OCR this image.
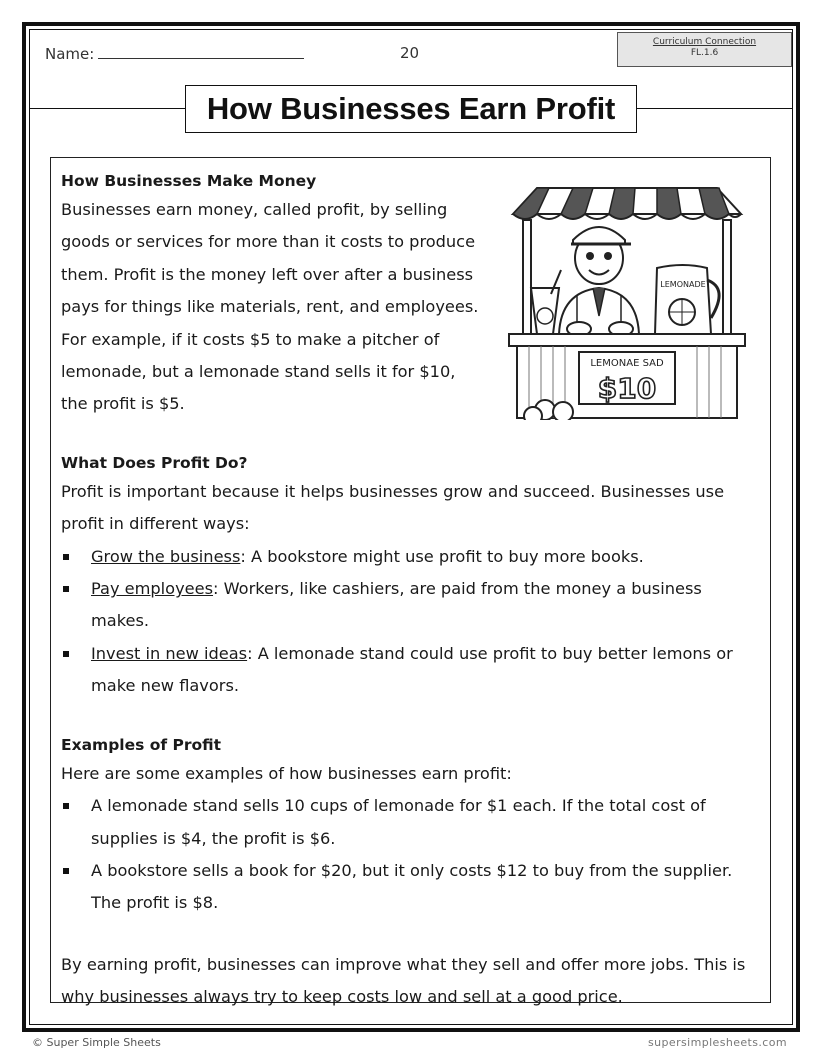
Name:	20
Curriculum Connection
FL.1.6
How Businesses Earn Profit
LEMONADE
LEMONAE SAD
$10
How Businesses Make Money

Businesses earn money, called profit, by selling goods or services for more than it costs to produce them. Profit is the money left over after a business pays for things like materials, rent, and employees. For example, if it costs $5 to make a pitcher of lemonade, but a lemonade stand sells it for $10, the profit is $5.

What Does Profit Do?

Profit is important because it helps businesses grow and succeed. Businesses use profit in different ways:

Grow the business: A bookstore might use profit to buy more books.
Pay employees: Workers, like cashiers, are paid from the money a business makes.
Invest in new ideas: A lemonade stand could use profit to buy better lemons or make new flavors.
Examples of Profit

Here are some examples of how businesses earn profit:

A lemonade stand sells 10 cups of lemonade for $1 each. If the total cost of supplies is $4, the profit is $6.
A bookstore sells a book for $20, but it only costs $12 to buy from the supplier. The profit is $8.

By earning profit, businesses can improve what they sell and offer more jobs. This is why businesses always try to keep costs low and sell at a good price.

© Super Simple Sheets	supersimplesheets.com
